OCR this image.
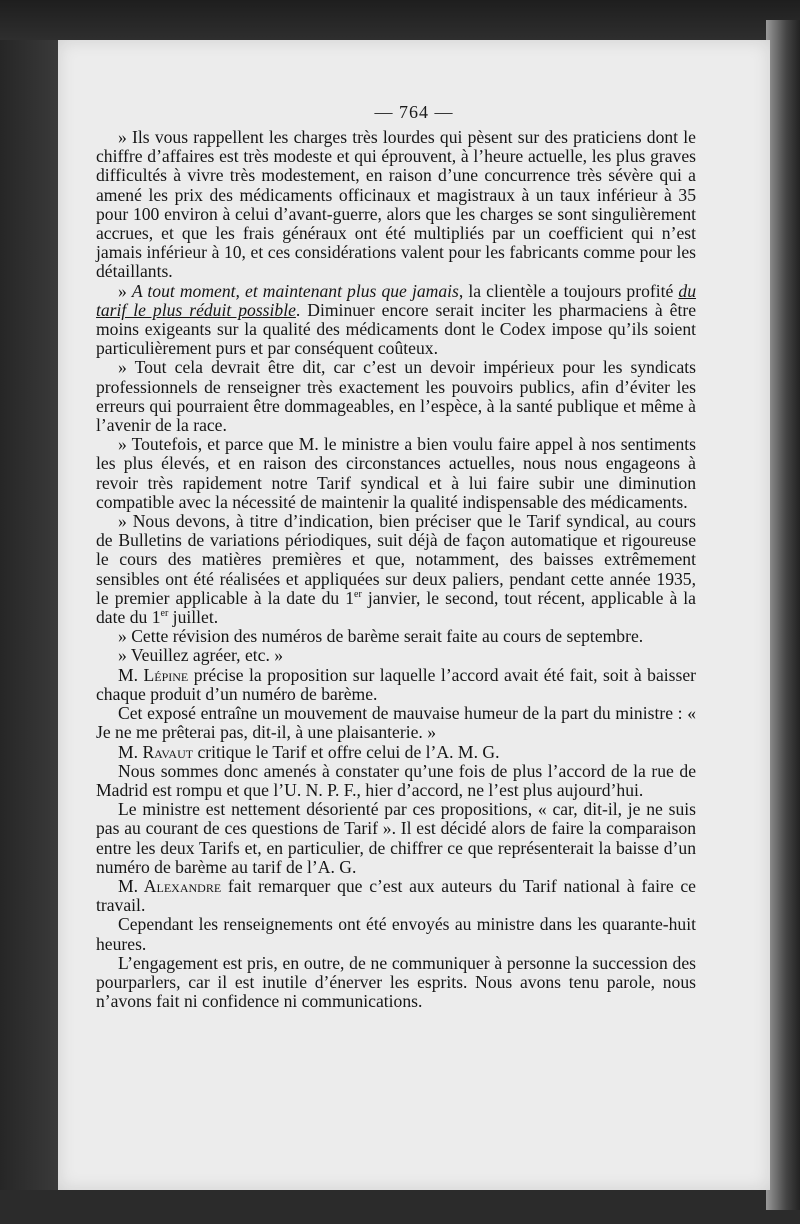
— 764 —

» Ils vous rappellent les charges très lourdes qui pèsent sur des praticiens dont le chiffre d’affaires est très modeste et qui éprouvent, à l’heure actuelle, les plus graves difficultés à vivre très modestement, en raison d’une concurrence très sévère qui a amené les prix des médicaments officinaux et magistraux à un taux inférieur à 35 pour 100 environ à celui d’avant-guerre, alors que les charges se sont singulièrement accrues, et que les frais généraux ont été multipliés par un coefficient qui n’est jamais inférieur à 10, et ces considérations valent pour les fabricants comme pour les détaillants.

» A tout moment, et maintenant plus que jamais, la clientèle a toujours profité du tarif le plus réduit possible. Diminuer encore serait inciter les pharmaciens à être moins exigeants sur la qualité des médicaments dont le Codex impose qu’ils soient particulièrement purs et par conséquent coûteux.

» Tout cela devrait être dit, car c’est un devoir impérieux pour les syndicats professionnels de renseigner très exactement les pouvoirs publics, afin d’éviter les erreurs qui pourraient être dommageables, en l’espèce, à la santé publique et même à l’avenir de la race.

» Toutefois, et parce que M. le ministre a bien voulu faire appel à nos sentiments les plus élevés, et en raison des circonstances actuelles, nous nous engageons à revoir très rapidement notre Tarif syndical et à lui faire subir une diminution compatible avec la nécessité de maintenir la qualité indispensable des médicaments.

» Nous devons, à titre d’indication, bien préciser que le Tarif syndical, au cours de Bulletins de variations périodiques, suit déjà de façon automatique et rigoureuse le cours des matières premières et que, notamment, des baisses extrêmement sensibles ont été réalisées et appliquées sur deux paliers, pendant cette année 1935, le premier applicable à la date du 1er janvier, le second, tout récent, applicable à la date du 1er juillet.

» Cette révision des numéros de barème serait faite au cours de septembre.

» Veuillez agréer, etc. »

M. Lépine précise la proposition sur laquelle l’accord avait été fait, soit à baisser chaque produit d’un numéro de barème.

Cet exposé entraîne un mouvement de mauvaise humeur de la part du ministre : « Je ne me prêterai pas, dit-il, à une plaisanterie. »

M. Ravaut critique le Tarif et offre celui de l’A. M. G.

Nous sommes donc amenés à constater qu’une fois de plus l’accord de la rue de Madrid est rompu et que l’U. N. P. F., hier d’accord, ne l’est plus aujourd’hui.

Le ministre est nettement désorienté par ces propositions, « car, dit-il, je ne suis pas au courant de ces questions de Tarif ». Il est décidé alors de faire la comparaison entre les deux Tarifs et, en particulier, de chiffrer ce que représenterait la baisse d’un numéro de barème au tarif de l’A. G.

M. Alexandre fait remarquer que c’est aux auteurs du Tarif national à faire ce travail.

Cependant les renseignements ont été envoyés au ministre dans les quarante-huit heures.

L’engagement est pris, en outre, de ne communiquer à personne la succession des pourparlers, car il est inutile d’énerver les esprits. Nous avons tenu parole, nous n’avons fait ni confidence ni communications.
